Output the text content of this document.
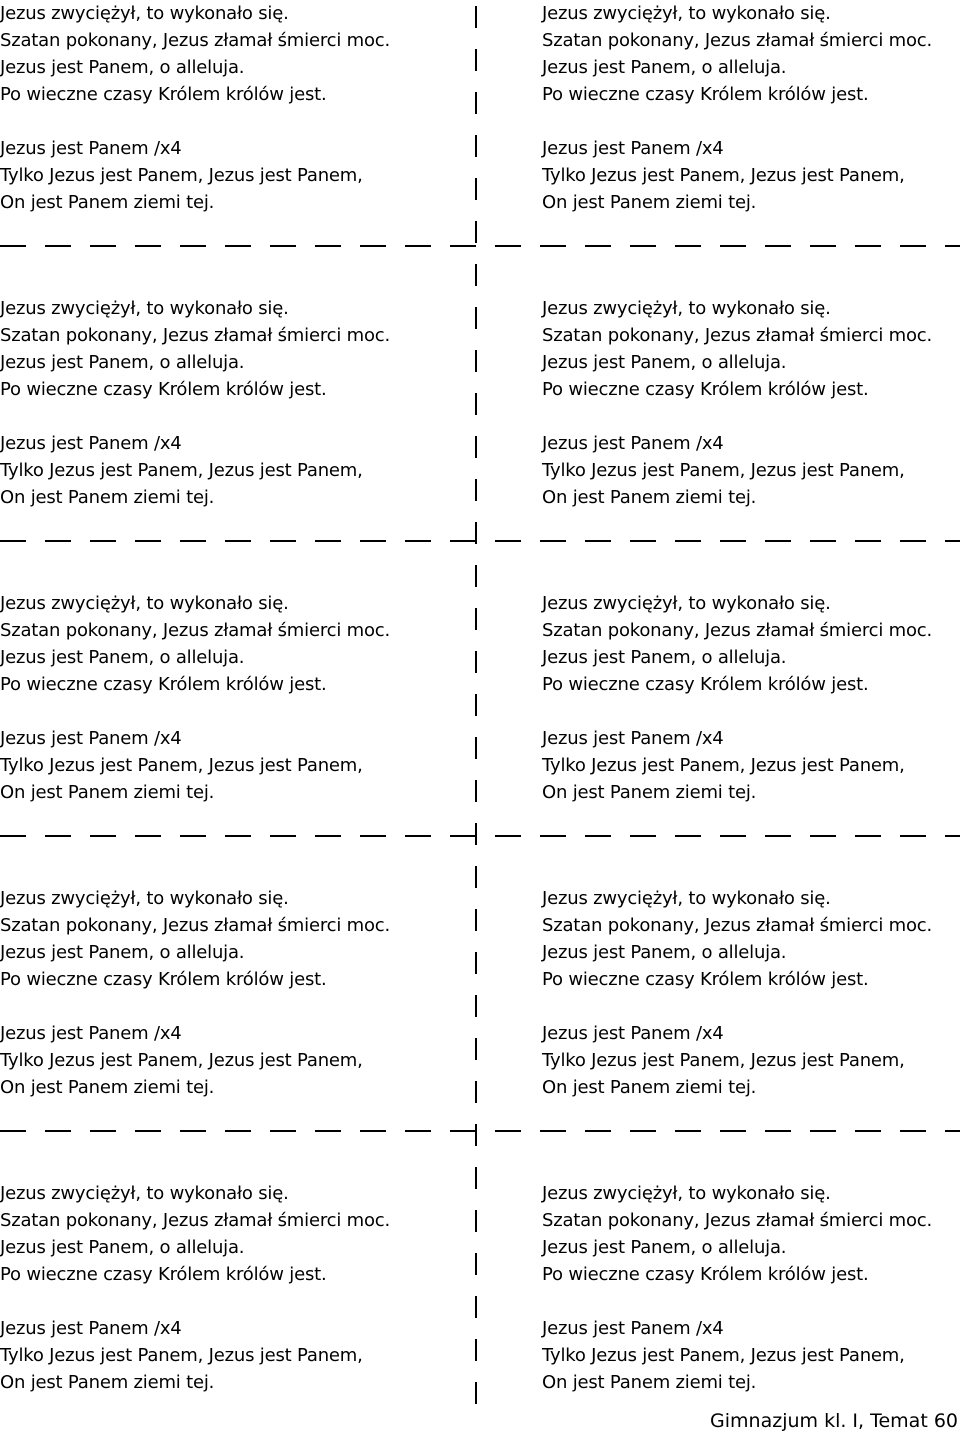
Jezus zwyciężył, to wykonało się.
Szatan pokonany, Jezus złamał śmierci moc.
Jezus jest Panem, o alleluja.
Po wieczne czasy Królem królów jest.
Jezus jest Panem /x4
Tylko Jezus jest Panem, Jezus jest Panem,
On jest Panem ziemi tej.
Jezus zwyciężył, to wykonało się.
Szatan pokonany, Jezus złamał śmierci moc.
Jezus jest Panem, o alleluja.
Po wieczne czasy Królem królów jest.
Jezus jest Panem /x4
Tylko Jezus jest Panem, Jezus jest Panem,
On jest Panem ziemi tej.
Jezus zwyciężył, to wykonało się.
Szatan pokonany, Jezus złamał śmierci moc.
Jezus jest Panem, o alleluja.
Po wieczne czasy Królem królów jest.
Jezus jest Panem /x4
Tylko Jezus jest Panem, Jezus jest Panem,
On jest Panem ziemi tej.
Jezus zwyciężył, to wykonało się.
Szatan pokonany, Jezus złamał śmierci moc.
Jezus jest Panem, o alleluja.
Po wieczne czasy Królem królów jest.
Jezus jest Panem /x4
Tylko Jezus jest Panem, Jezus jest Panem,
On jest Panem ziemi tej.
Jezus zwyciężył, to wykonało się.
Szatan pokonany, Jezus złamał śmierci moc.
Jezus jest Panem, o alleluja.
Po wieczne czasy Królem królów jest.
Jezus jest Panem /x4
Tylko Jezus jest Panem, Jezus jest Panem,
On jest Panem ziemi tej.
Jezus zwyciężył, to wykonało się.
Szatan pokonany, Jezus złamał śmierci moc.
Jezus jest Panem, o alleluja.
Po wieczne czasy Królem królów jest.
Jezus jest Panem /x4
Tylko Jezus jest Panem, Jezus jest Panem,
On jest Panem ziemi tej.
Jezus zwyciężył, to wykonało się.
Szatan pokonany, Jezus złamał śmierci moc.
Jezus jest Panem, o alleluja.
Po wieczne czasy Królem królów jest.
Jezus jest Panem /x4
Tylko Jezus jest Panem, Jezus jest Panem,
On jest Panem ziemi tej.
Jezus zwyciężył, to wykonało się.
Szatan pokonany, Jezus złamał śmierci moc.
Jezus jest Panem, o alleluja.
Po wieczne czasy Królem królów jest.
Jezus jest Panem /x4
Tylko Jezus jest Panem, Jezus jest Panem,
On jest Panem ziemi tej.
Jezus zwyciężył, to wykonało się.
Szatan pokonany, Jezus złamał śmierci moc.
Jezus jest Panem, o alleluja.
Po wieczne czasy Królem królów jest.
Jezus jest Panem /x4
Tylko Jezus jest Panem, Jezus jest Panem,
On jest Panem ziemi tej.
Jezus zwyciężył, to wykonało się.
Szatan pokonany, Jezus złamał śmierci moc.
Jezus jest Panem, o alleluja.
Po wieczne czasy Królem królów jest.
Jezus jest Panem /x4
Tylko Jezus jest Panem, Jezus jest Panem,
On jest Panem ziemi tej.
Gimnazjum kl. I, Temat 60
